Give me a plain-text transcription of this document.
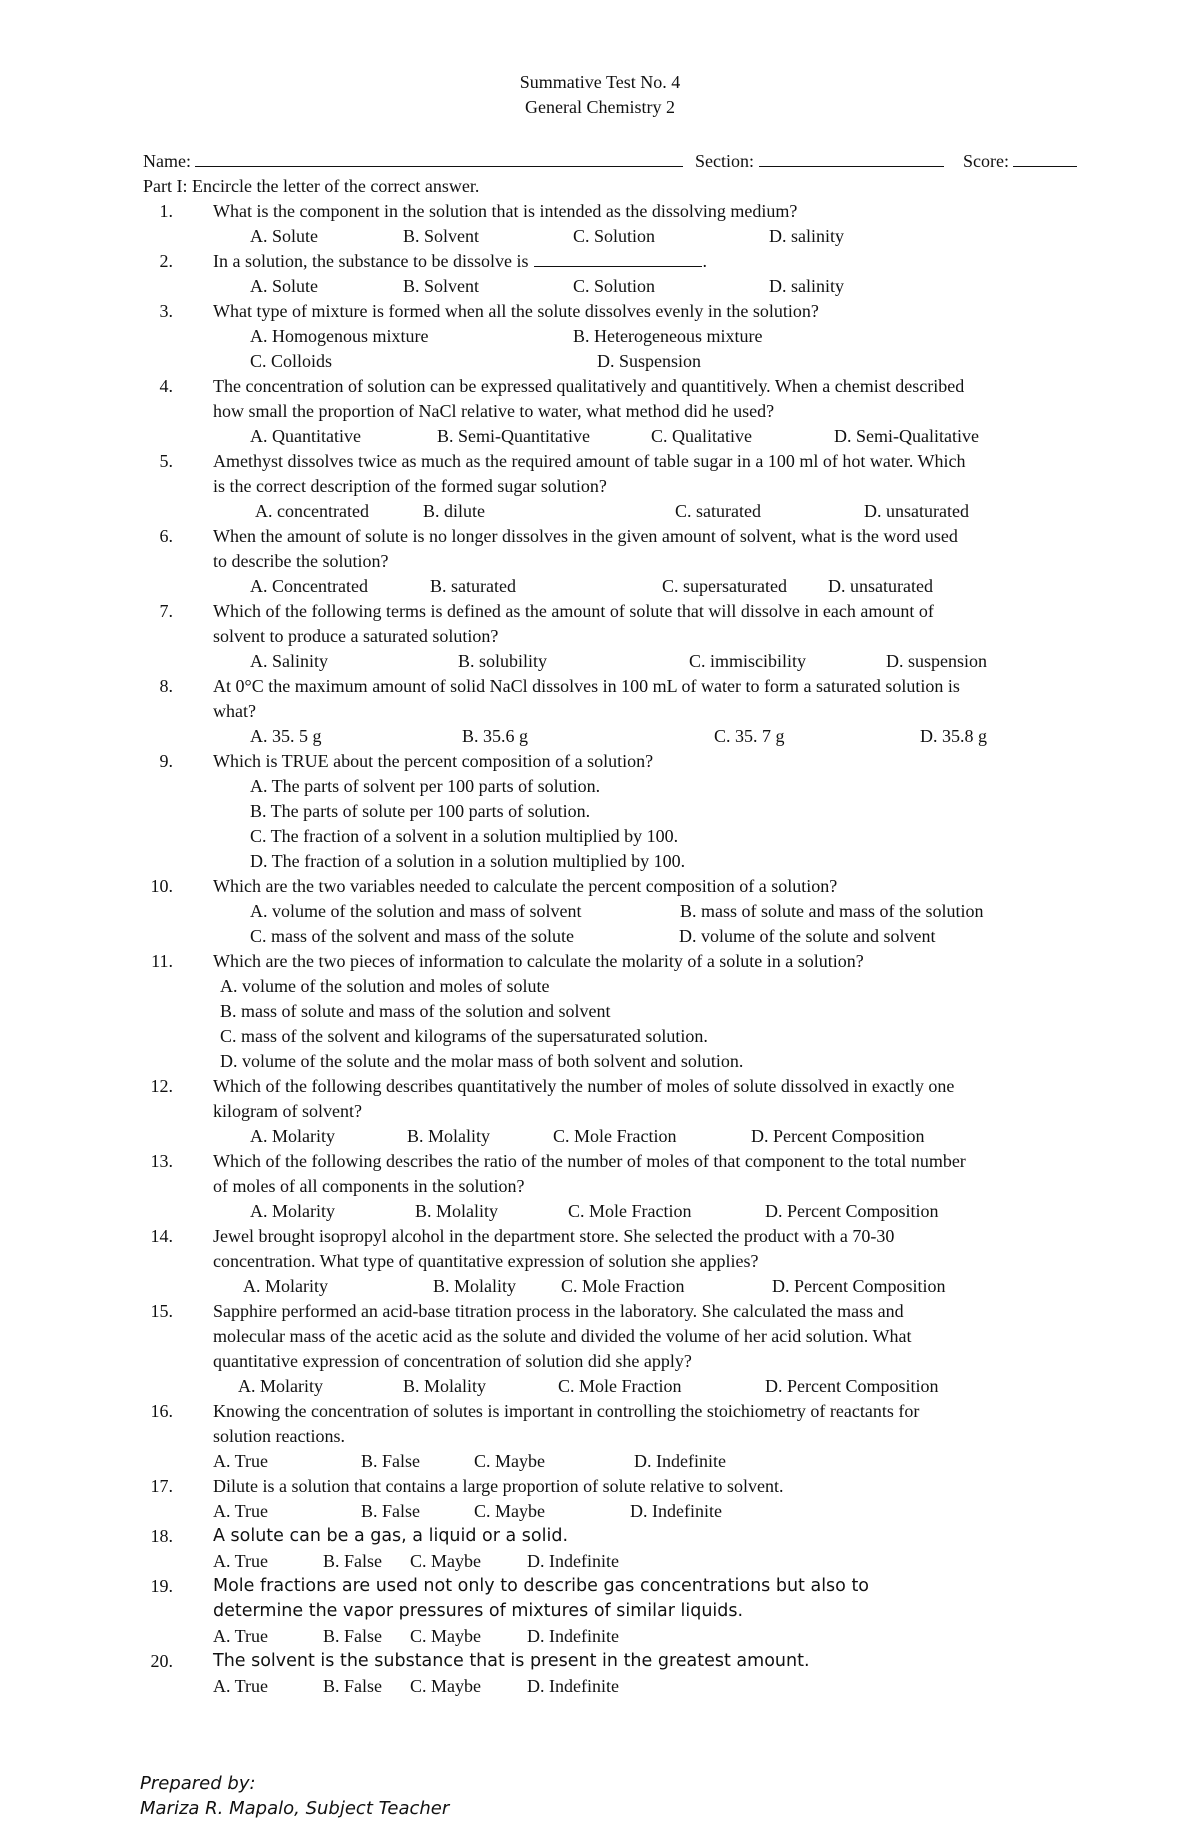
Summative Test No. 4
General Chemistry 2
Name:	Section:	Score:
Part I: Encircle the letter of the correct answer.
1. What is the component in the solution that is intended as the dissolving medium?
A. Solute	B. Solvent	C. Solution	D. salinity
2. In a solution, the substance to be dissolve is	.
A. Solute	B. Solvent	C. Solution	D. salinity
3. What type of mixture is formed when all the solute dissolves evenly in the solution?
A. Homogenous mixture	B. Heterogeneous mixture
C. Colloids	D. Suspension
4. The concentration of solution can be expressed qualitatively and quantitively. When a chemist described
how small the proportion of NaCl relative to water, what method did he used?
A. Quantitative	B. Semi-Quantitative	C. Qualitative	D. Semi-Qualitative
5. Amethyst dissolves twice as much as the required amount of table sugar in a 100 ml of hot water. Which
is the correct description of the formed sugar solution?
A. concentrated	B. dilute	C. saturated	D. unsaturated
6. When the amount of solute is no longer dissolves in the given amount of solvent, what is the word used
to describe the solution?
A. Concentrated	B. saturated	C. supersaturated D. unsaturated
7. Which of the following terms is defined as the amount of solute that will dissolve in each amount of
solvent to produce a saturated solution?
A. Salinity	B. solubility	C. immiscibility	D. suspension
8. At 0°C the maximum amount of solid NaCl dissolves in 100 mL of water to form a saturated solution is
what?
A. 35. 5 g	B. 35.6 g	C. 35. 7 g	D. 35.8 g
9. Which is TRUE about the percent composition of a solution?
A. The parts of solvent per 100 parts of solution.
B. The parts of solute per 100 parts of solution.
C. The fraction of a solvent in a solution multiplied by 100.
D. The fraction of a solution in a solution multiplied by 100.
10. Which are the two variables needed to calculate the percent composition of a solution?
A. volume of the solution and mass of solvent	B. mass of solute and mass of the solution
C. mass of the solvent and mass of the solute	D. volume of the solute and solvent
11. Which are the two pieces of information to calculate the molarity of a solute in a solution?
A. volume of the solution and moles of solute
B. mass of solute and mass of the solution and solvent
C. mass of the solvent and kilograms of the supersaturated solution.
D. volume of the solute and the molar mass of both solvent and solution.
12. Which of the following describes quantitatively the number of moles of solute dissolved in exactly one
kilogram of solvent?
A. Molarity	B. Molality	C. Mole Fraction	D. Percent Composition
13. Which of the following describes the ratio of the number of moles of that component to the total number
of moles of all components in the solution?
A. Molarity	B. Molality	C. Mole Fraction	D. Percent Composition
14. Jewel brought isopropyl alcohol in the department store. She selected the product with a 70-30
concentration. What type of quantitative expression of solution she applies?
A. Molarity	B. Molality C. Mole Fraction	D. Percent Composition
15. Sapphire performed an acid-base titration process in the laboratory. She calculated the mass and
molecular mass of the acetic acid as the solute and divided the volume of her acid solution. What
quantitative expression of concentration of solution did she apply?
A. Molarity	B. Molality	C. Mole Fraction	D. Percent Composition
16. Knowing the concentration of solutes is important in controlling the stoichiometry of reactants for
solution reactions.
A. True	B. False	C. Maybe	D. Indefinite
17. Dilute is a solution that contains a large proportion of solute relative to solvent.
A. True	B. False	C. Maybe	D. Indefinite
18. A solute can be a gas, a liquid or a solid.
A. True	B. False C. Maybe	D. Indefinite
19. Mole fractions are used not only to describe gas concentrations but also to
determine the vapor pressures of mixtures of similar liquids.
A. True	B. False C. Maybe	D. Indefinite
20. The solvent is the substance that is present in the greatest amount.
A. True	B. False C. Maybe	D. Indefinite
Prepared by:
Mariza R. Mapalo, Subject Teacher
